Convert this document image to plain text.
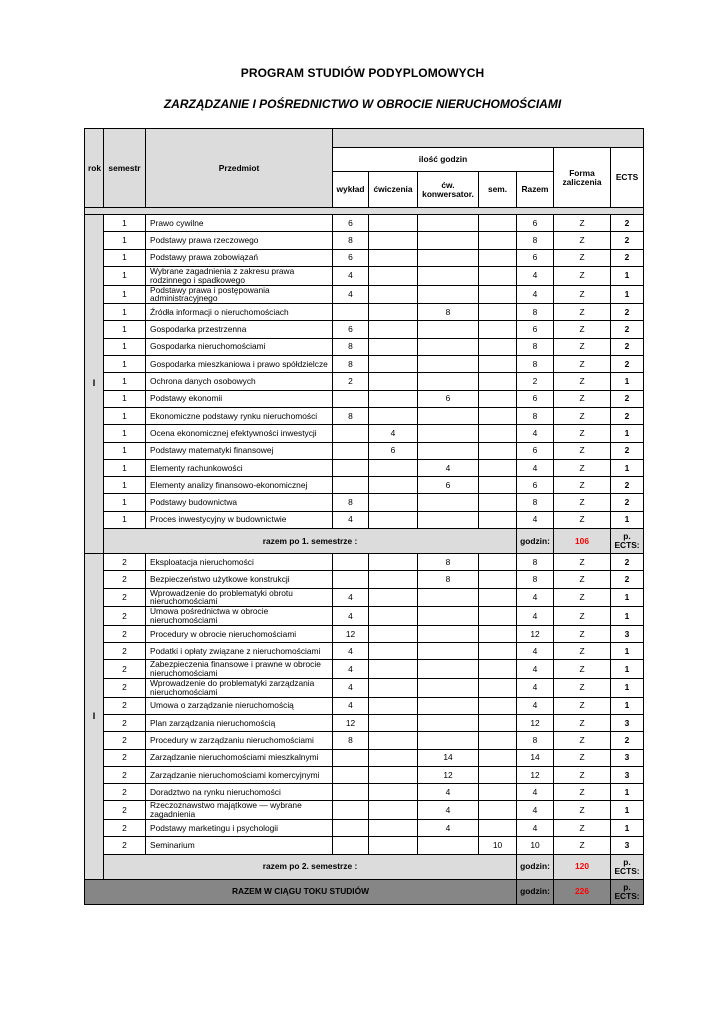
PROGRAM STUDIÓW PODYPLOMOWYCH
ZARZĄDZANIE I POŚREDNICTWO W OBROCIE NIERUCHOMOŚCIAMI
rok	semestr	Przedmiot								
			ilość godzin					Forma zaliczenia	ECTS	
			wykład	ćwiczenia	ćw. konwersator.	sem.	Razem			

I	1	Prawo cywilne	6				6	Z	2	
	1	Podstawy prawa rzeczowego	8				8	Z	2	
	1	Podstawy prawa zobowiązań	6				6	Z	2	
	1	Wybrane zagadnienia z zakresu prawa rodzinnego i spadkowego	4				4	Z	1	
	1	Podstawy prawa i postępowania administracyjnego	4				4	Z	1	
	1	Źródła informacji o nieruchomościach			8		8	Z	2	
	1	Gospodarka przestrzenna	6				6	Z	2	
	1	Gospodarka nieruchomościami	8				8	Z	2	
	1	Gospodarka mieszkaniowa i prawo spółdzielcze	8				8	Z	2	
	1	Ochrona danych osobowych	2				2	Z	1	
	1	Podstawy ekonomii			6		6	Z	2	
	1	Ekonomiczne podstawy rynku nieruchomości	8				8	Z	2	
	1	Ocena ekonomicznej efektywności inwestycji		4			4	Z	1	
	1	Podstawy matematyki finansowej		6			6	Z	2	
	1	Elementy rachunkowości			4		4	Z	1	
	1	Elementy analizy finansowo-ekonomicznej			6		6	Z	2	
	1	Podstawy budownictwa	8				8	Z	2	
	1	Proces inwestycyjny w budownictwie	4				4	Z	1	
	razem po 1. semestrze :						godzin:	106	p. ECTS:	
I	2	Eksploatacja nieruchomości			8		8	Z	2	
	2	Bezpieczeństwo użytkowe konstrukcji			8		8	Z	2	
	2	Wprowadzenie do problematyki obrotu nieruchomościami	4				4	Z	1	
	2	Umowa pośrednictwa w obrocie nieruchomościami	4				4	Z	1	
	2	Procedury w obrocie nieruchomościami	12				12	Z	3	
	2	Podatki i opłaty związane z nieruchomościami	4				4	Z	1	
	2	Zabezpieczenia finansowe i prawne w obrocie nieruchomościami	4				4	Z	1	
	2	Wprowadzenie do problematyki zarządzania nieruchomościami	4				4	Z	1	
	2	Umowa o zarządzanie nieruchomością	4				4	Z	1	
	2	Plan zarządzania nieruchomością	12				12	Z	3	
	2	Procedury w zarządzaniu nieruchomościami	8				8	Z	2	
	2	Zarządzanie nieruchomościami mieszkalnymi			14		14	Z	3	
	2	Zarządzanie nieruchomościami komercyjnymi			12		12	Z	3	
	2	Doradztwo na rynku nieruchomości			4		4	Z	1	
	2	Rzeczoznawstwo majątkowe — wybrane zagadnienia			4		4	Z	1	
	2	Podstawy marketingu i psychologii			4		4	Z	1	
	2	Seminarium				10	10	Z	3	
	razem po 2. semestrze :						godzin:	120	p. ECTS:	
RAZEM W CIĄGU TOKU STUDIÓW							godzin:	226	p. ECTS:	
